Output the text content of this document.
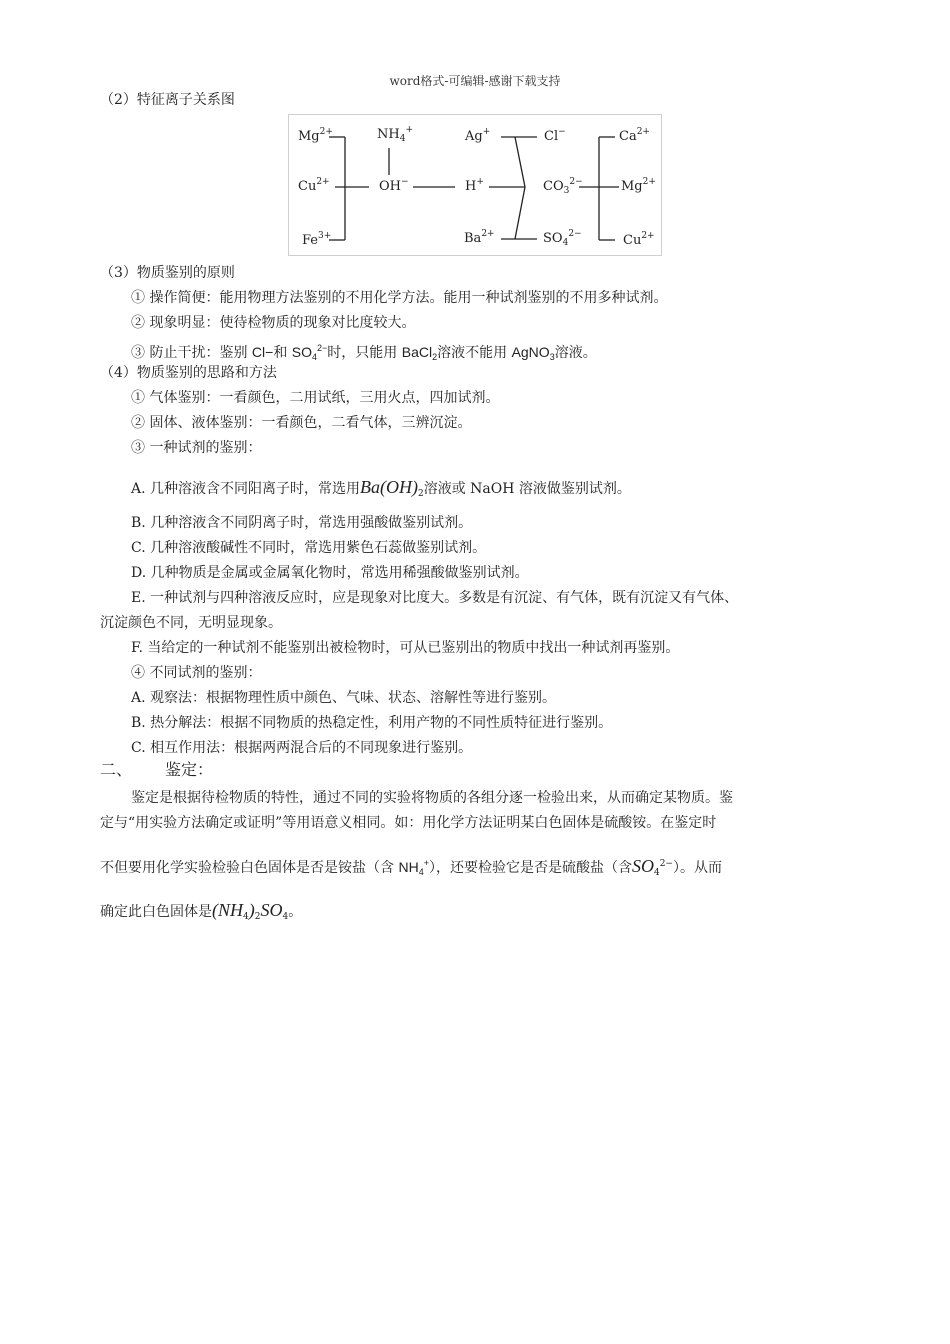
word格式-可编辑-感谢下载支持
（2）特征离子关系图
$Mg^{2+}$
$Cu^{2+}$
$Fe^{3+}$
$NH_4^+$
OH−
Ag+
H+
$Ba^{2+}$
Cl−
$CO_3^{2-}$
$SO_4^{2-}$
$Ca^{2+}$
$Mg^{2+}$
$Cu^{2+}$
（3）物质鉴别的原则
① 操作简便：能用物理方法鉴别的不用化学方法。能用一种试剂鉴别的不用多种试剂。
② 现象明显：使待检物质的现象对比度较大。
③ 防止干扰：鉴别 Cl−和 $SO_4^{2-}$时，只能用 BaCl$_2$溶液不能用 AgNO$_3$溶液。
（4）物质鉴别的思路和方法
① 气体鉴别：一看颜色，二用试纸，三用火点，四加试剂。
② 固体、液体鉴别：一看颜色，二看气体，三辨沉淀。
③ 一种试剂的鉴别：
A. 几种溶液含不同阳离子时，常选用$Ba(OH)_2$溶液或 NaOH 溶液做鉴别试剂。
B. 几种溶液含不同阴离子时，常选用强酸做鉴别试剂。
C. 几种溶液酸碱性不同时，常选用紫色石蕊做鉴别试剂。
D. 几种物质是金属或金属氧化物时，常选用稀强酸做鉴别试剂。
E. 一种试剂与四种溶液反应时，应是现象对比度大。多数是有沉淀、有气体，既有沉淀又有气体、
沉淀颜色不同，无明显现象。
F. 当给定的一种试剂不能鉴别出被检物时，可从已鉴别出的物质中找出一种试剂再鉴别。
④ 不同试剂的鉴别：
A. 观察法：根据物理性质中颜色、气味、状态、溶解性等进行鉴别。
B. 热分解法：根据不同物质的热稳定性，利用产物的不同性质特征进行鉴别。
C. 相互作用法：根据两两混合后的不同现象进行鉴别。
二、 鉴定：
鉴定是根据待检物质的特性，通过不同的实验将物质的各组分逐一检验出来，从而确定某物质。鉴
定与“用实验方法确定或证明”等用语意义相同。如：用化学方法证明某白色固体是硫酸铵。在鉴定时
不但要用化学实验检验白色固体是否是铵盐（含 $NH_4^+$），还要检验它是否是硫酸盐（含$SO_4^{2-}$）。从而
确定此白色固体是$(NH_4)_2SO_4$。
